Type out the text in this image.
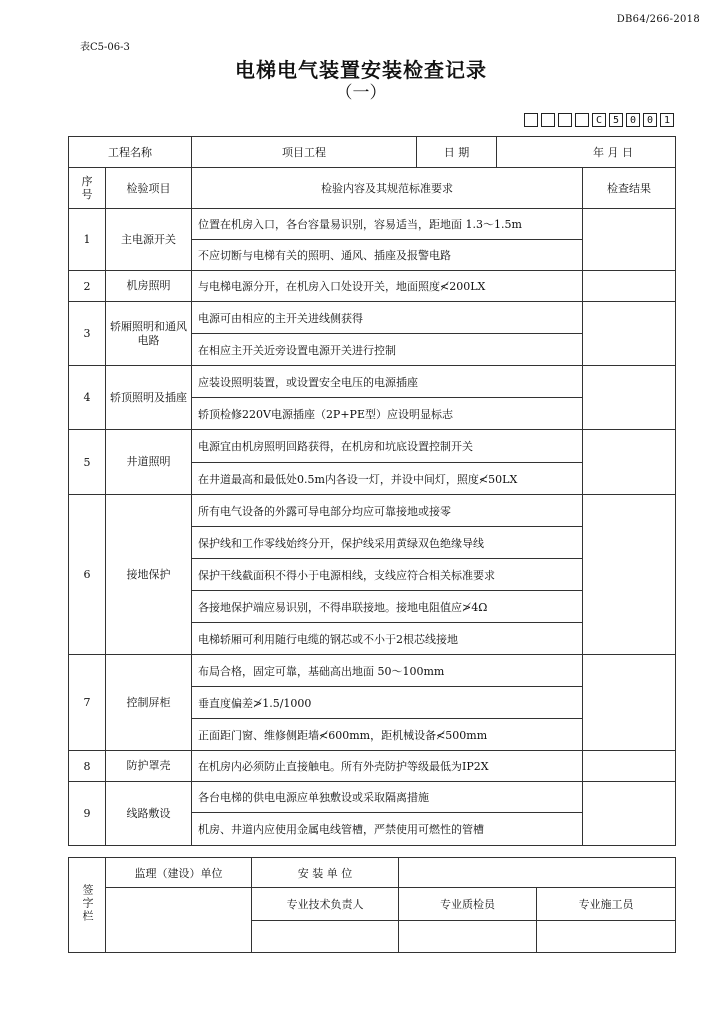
DB64/266-2018
表C5-06-3
电梯电气装置安装检查记录
（一）
C	5	0	0	1
工程名称		项目工程	日 期	年 月 日	
序号	检验项目	检验内容及其规范标准要求			检查结果
1	主电源开关	位置在机房入口，各台容量易识别，容易适当，距地面 1.3～1.5m			
		不应切断与电梯有关的照明、通风、插座及报警电路			
2	机房照明	与电梯电源分开，在机房入口处设开关，地面照度≮200LX			
3	轿厢照明和通风电路	电源可由相应的主开关进线侧获得			
		在相应主开关近旁设置电源开关进行控制			
4	轿顶照明及插座	应装设照明装置，或设置安全电压的电源插座			
		轿顶检修220V电源插座（2P+PE型）应设明显标志			
5	井道照明	电源宜由机房照明回路获得，在机房和坑底设置控制开关			
		在井道最高和最低处0.5m内各设一灯，并设中间灯，照度≮50LX			
6	接地保护	所有电气设备的外露可导电部分均应可靠接地或接零			
		保护线和工作零线始终分开，保护线采用黄绿双色绝缘导线			
		保护干线截面积不得小于电源相线，支线应符合相关标准要求			
		各接地保护端应易识别，不得串联接地。接地电阻值应≯4Ω			
		电梯轿厢可利用随行电缆的钢芯或不小于2根芯线接地			
7	控制屏柜	布局合格，固定可靠，基础高出地面 50～100mm			
		垂直度偏差≯1.5/1000			
		正面距门窗、维修侧距墙≮600mm，距机械设备≮500mm			
8	防护罩壳	在机房内必须防止直接触电。所有外壳防护等级最低为IP2X			
9	线路敷设	各台电梯的供电电源应单独敷设或采取隔离措施			
		机房、井道内应使用金属电线管槽，严禁使用可燃性的管槽			
签字栏	监理（建设）单位	安 装 单 位		
		专业技术负责人	专业质检员	专业施工员
